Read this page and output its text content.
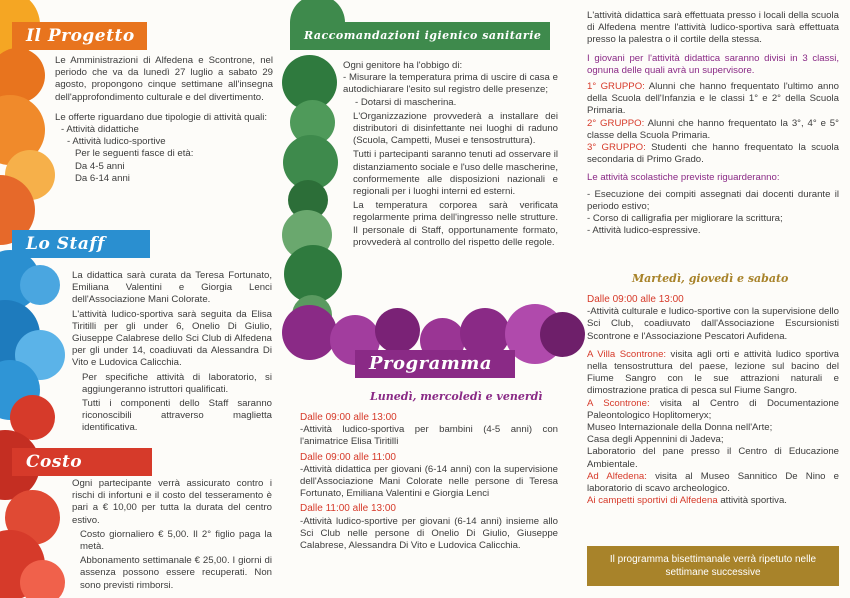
Il Progetto

Le Amministrazioni di Alfedena e Scontrone, nel periodo che va da lunedì 27 luglio a sabato 29 agosto, propongono cinque settimane all'insegna dell'approfondimento culturale e del divertimento.

Le offerte riguardano due tipologie di attività quali:

- Attività didattiche
- Attività ludico-sportive
Per le seguenti fasce di età:
Da 4-5 anni
Da 6-14 anni
Lo Staff

La didattica sarà curata da Teresa Fortunato, Emiliana Valentini e Giorgia Lenci dell'Associazione Mani Colorate.

L'attività ludico-sportiva sarà seguita da Elisa Tiritilli per gli under 6, Onelio Di Giulio, Giuseppe Calabrese dello Sci Club di Alfedena per gli under 14, coadiuvati da Alessandra Di Vito e Ludovica Calicchia.

Per specifiche attività di laboratorio, si aggiungeranno istruttori qualificati.

Tutti i componenti dello Staff saranno riconoscibili attraverso maglietta identificativa.

Costo

Ogni partecipante verrà assicurato contro i rischi di infortuni e il costo del tesseramento è pari a € 10,00 per tutta la durata del centro estivo.

Costo giornaliero € 5,00. Il 2° figlio paga la metà.

Abbonamento settimanale € 25,00. I giorni di assenza possono essere recuperati. Non sono previsti rimborsi.

Raccomandazioni igienico sanitarie
Ogni genitore ha l'obbigo di:
- Misurare la temperatura prima di uscire di casa e autodichiarare l'esito sul registro delle presenze;
- Dotarsi di mascherina.
L'Organizzazione provvederà a installare dei distributori di disinfettante nei luoghi di raduno (Scuola, Campetti, Musei e tensostruttura).
Tutti i partecipanti saranno tenuti ad osservare il distanziamento sociale e l'uso delle mascherine, conformemente alle disposizioni nazionali e regionali per i luoghi interni ed esterni.
La temperatura corporea sarà verificata regolarmente prima dell'ingresso nelle strutture. Il personale di Staff, opportunamente formato, provvederà al controllo del rispetto delle regole.
Programma
Lunedì, mercoledì e venerdì
Dalle 09:00 alle 13:00
-Attività ludico-sportiva per bambini (4-5 anni) con l'animatrice Elisa Tiritilli
Dalle 09:00 alle 11:00
-Attività didattica per giovani (6-14 anni) con la supervisione dell'Associazione Mani Colorate nelle persone di Teresa Fortunato, Emiliana Valentini e Giorgia Lenci
Dalle 11:00 alle 13:00
-Attività ludico-sportive per giovani (6-14 anni) insieme allo Sci Club nelle persone di Onelio Di Giulio, Giuseppe Calabrese, Alessandra Di Vito e Ludovica Calicchia.

L'attività didattica sarà effettuata presso i locali della scuola di Alfedena mentre l'attività ludico-sportiva sarà effettuata presso la palestra o il cortile della stessa.

I giovani per l'attività didattica saranno divisi in 3 classi, ognuna delle quali avrà un supervisore.

1° GRUPPO: Alunni che hanno frequentato l'ultimo anno della Scuola dell'Infanzia e le classi 1° e 2° della Scuola Primaria.
2° GRUPPO: Alunni che hanno frequentato la 3°, 4° e 5° classe della Scuola Primaria.
3° GRUPPO: Studenti che hanno frequentato la scuola secondaria di Primo Grado.
Le attività scolastiche previste riguarderanno:
- Esecuzione dei compiti assegnati dai docenti durante il periodo estivo;
- Corso di calligrafia per migliorare la scrittura;
- Attività ludico-espressive.
Martedì, giovedì e sabato
Dalle 09:00 alle 13:00
-Attività culturale e ludico-sportive con la supervisione dello Sci Club, coadiuvato dall'Associazione Escursionisti Scontrone e l'Associazione Pescatori Aufidena.
A Villa Scontrone: visita agli orti e attività ludico sportiva nella tensostruttura del paese, lezione sul bacino del Fiume Sangro con le sue attrazioni naturali e dimostrazione pratica di pesca sul Fiume Sangro.
A Scontrone: visita al Centro di Documentazione Paleontologico Hoplitomeryx;
Museo Internazionale della Donna nell'Arte;
Casa degli Appennini di Jadeva;
Laboratorio del pane presso il Centro di Educazione Ambientale.
Ad Alfedena: visita al Museo Sannitico De Nino e laboratorio di scavo archeologico.
Ai campetti sportivi di Alfedena attività sportiva.
Il programma bisettimanale verrà ripetuto nelle settimane successive
